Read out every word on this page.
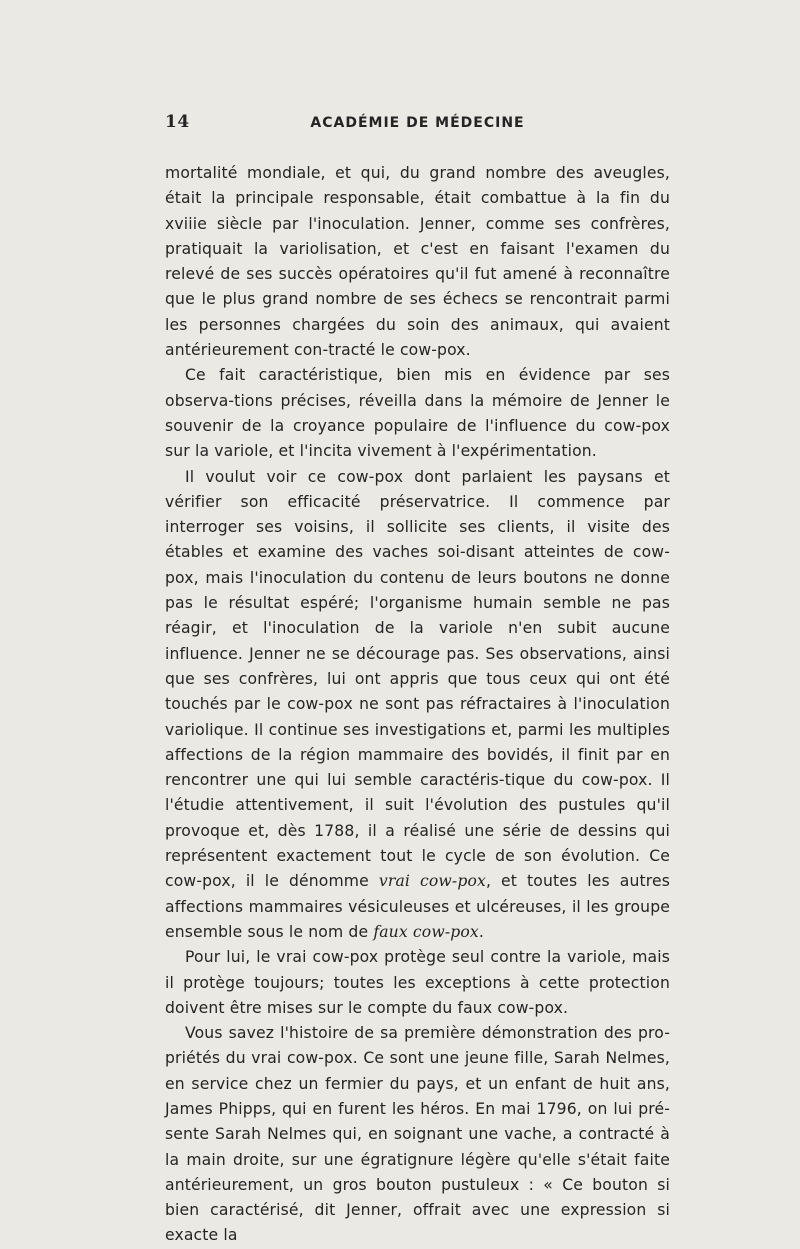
14	ACADÉMIE DE MÉDECINE

mortalité mondiale, et qui, du grand nombre des aveugles, était la principale responsable, était combattue à la fin du xviiie siècle par l'inoculation. Jenner, comme ses confrères, pratiquait la variolisation, et c'est en faisant l'examen du relevé de ses succès opératoires qu'il fut amené à reconnaître que le plus grand nombre de ses échecs se rencontrait parmi les personnes chargées du soin des animaux, qui avaient antérieurement con-tracté le cow-pox.

Ce fait caractéristique, bien mis en évidence par ses observa-tions précises, réveilla dans la mémoire de Jenner le souvenir de la croyance populaire de l'influence du cow-pox sur la variole, et l'incita vivement à l'expérimentation.

Il voulut voir ce cow-pox dont parlaient les paysans et vérifier son efficacité préservatrice. Il commence par interroger ses voisins, il sollicite ses clients, il visite des étables et examine des vaches soi-disant atteintes de cow-pox, mais l'inoculation du contenu de leurs boutons ne donne pas le résultat espéré; l'organisme humain semble ne pas réagir, et l'inoculation de la variole n'en subit aucune influence. Jenner ne se décourage pas. Ses observations, ainsi que ses confrères, lui ont appris que tous ceux qui ont été touchés par le cow-pox ne sont pas réfractaires à l'inoculation variolique. Il continue ses investigations et, parmi les multiples affections de la région mammaire des bovidés, il finit par en rencontrer une qui lui semble caractéris-tique du cow-pox. Il l'étudie attentivement, il suit l'évolution des pustules qu'il provoque et, dès 1788, il a réalisé une série de dessins qui représentent exactement tout le cycle de son évolution. Ce cow-pox, il le dénomme vrai cow-pox, et toutes les autres affections mammaires vésiculeuses et ulcéreuses, il les groupe ensemble sous le nom de faux cow-pox.

Pour lui, le vrai cow-pox protège seul contre la variole, mais il protège toujours; toutes les exceptions à cette protection doivent être mises sur le compte du faux cow-pox.

Vous savez l'histoire de sa première démonstration des pro-priétés du vrai cow-pox. Ce sont une jeune fille, Sarah Nelmes, en service chez un fermier du pays, et un enfant de huit ans, James Phipps, qui en furent les héros. En mai 1796, on lui pré-sente Sarah Nelmes qui, en soignant une vache, a contracté à la main droite, sur une égratignure légère qu'elle s'était faite antérieurement, un gros bouton pustuleux : « Ce bouton si bien caractérisé, dit Jenner, offrait avec une expression si exacte la
